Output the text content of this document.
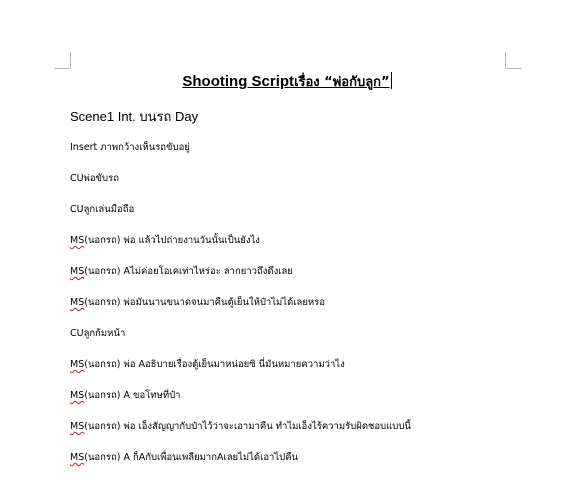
Shooting Scriptเรื่อง “พ่อกับลูก”
Scene1 Int. บนรถ Day
Insert ภาพกว้างเห็นรถขับอยู่
CUพ่อขับรถ
CUลูกเล่นมือถือ
MS(นอกรถ) พ่อ แล้วไปถ่ายงานวันนั้นเป็นยังไง
MS(นอกรถ) Aไม่ค่อยโอเคเท่าไหร่อะ ลากยาวถึงดึงเลย
MS(นอกรถ) พ่อมันนานขนาดจนมาคืนตู้เย็นให้ป๋าไม่ได้เลยหรอ
CUลูกก้มหน้า
MS(นอกรถ) พ่อ Aอธิบายเรื่องตู้เย็นมาหน่อยซิ นี่มันหมายความว่าไง
MS(นอกรถ) A ขอโทษที่ป๋า
MS(นอกรถ) พ่อ เอ็งสัญญากับป๋าไว้ว่าจะเอามาคืน ทำไมเอ็งไร้ความรับผิดชอบแบบนี้
MS(นอกรถ) A ก็Aกับเพื่อนเพลียมากAเลยไม่ได้เอาไปคืน
